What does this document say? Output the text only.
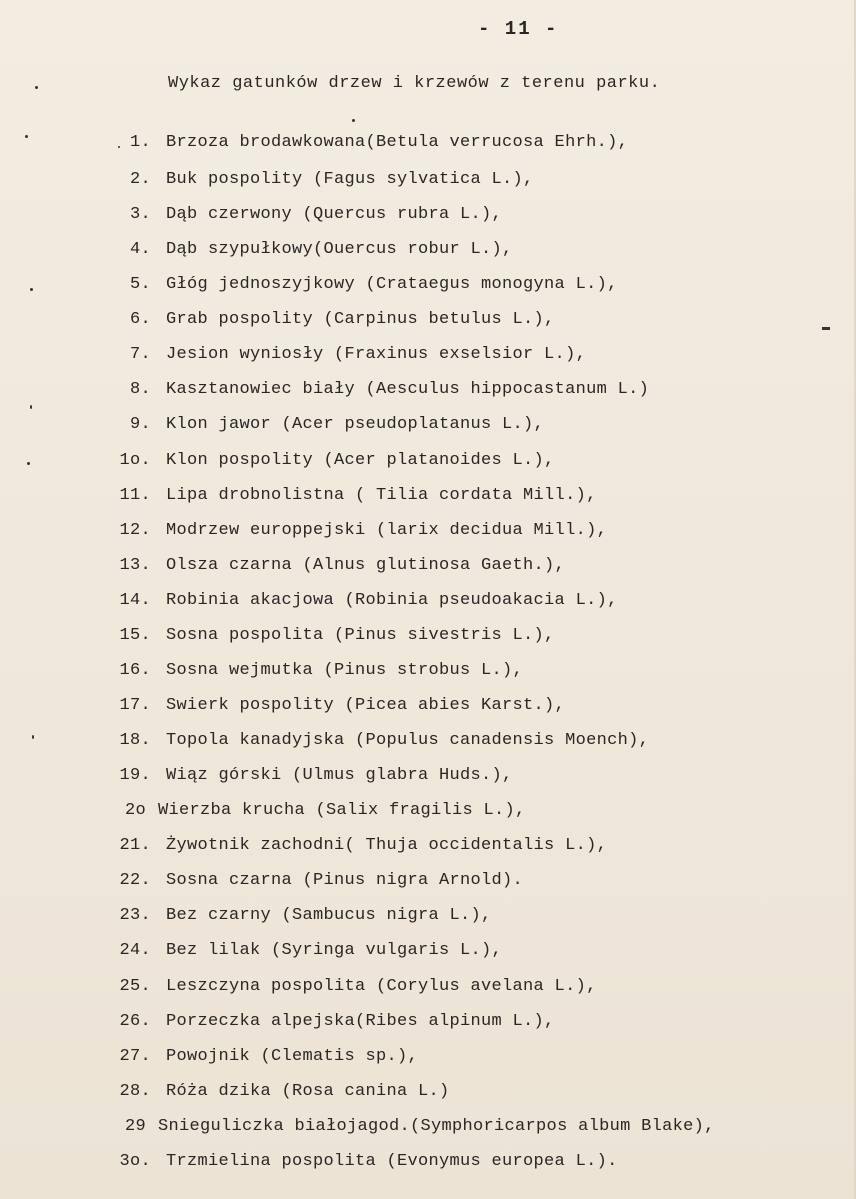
- 11 -
Wykaz gatunków drzew i krzewów z terenu parku.
1. Brzoza brodawkowana(Betula verrucosa Ehrh.),
2. Buk pospolity (Fagus sylvatica L.),
3. Dąb czerwony (Quercus rubra L.),
4. Dąb szypułkowy(Ouercus robur L.),
5. Głóg jednoszyjkowy (Crataegus monogyna L.),
6. Grab pospolity (Carpinus betulus L.),
7. Jesion wyniosły (Fraxinus exselsior L.),
8. Kasztanowiec biały (Aesculus hippocastanum L.)
9. Klon jawor (Acer pseudoplatanus L.),
1o. Klon pospolity (Acer platanoides L.),
11. Lipa drobnolistna ( Tilia cordata Mill.),
12. Modrzew europpejski (larix decidua Mill.),
13. Olsza czarna (Alnus glutinosa Gaeth.),
14. Robinia akacjowa (Robinia pseudoakacia L.),
15. Sosna pospolita (Pinus sivestris L.),
16. Sosna wejmutka (Pinus strobus L.),
17. Swierk pospolity (Picea abies Karst.),
18. Topola kanadyjska (Populus canadensis Moench),
19. Wiąz górski (Ulmus glabra Huds.),
2o Wierzba krucha (Salix fragilis L.),
21. Żywotnik zachodni( Thuja occidentalis L.),
22. Sosna czarna (Pinus nigra Arnold).
23. Bez czarny (Sambucus nigra L.),
24. Bez lilak (Syringa vulgaris L.),
25. Leszczyna pospolita (Corylus avelana L.),
26. Porzeczka alpejska(Ribes alpinum L.),
27. Powojnik (Clematis sp.),
28. Róża dzika (Rosa canina L.)
29 Snieguliczka białojagod.(Symphoricarpos album Blake),
3o. Trzmielina pospolita (Evonymus europea L.).
